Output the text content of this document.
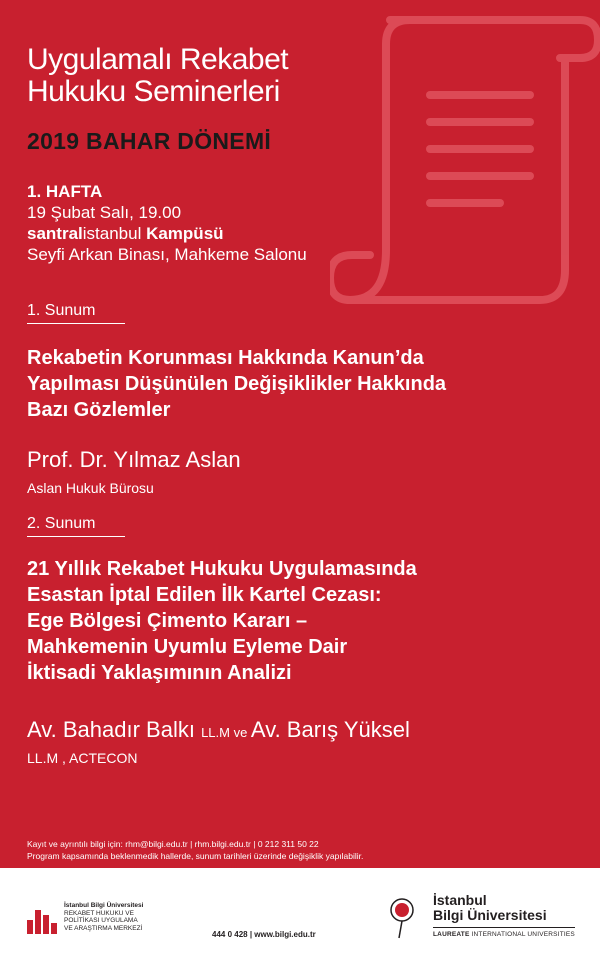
Uygulamalı Rekabet
Hukuku Seminerleri
2019 BAHAR DÖNEMİ
1. HAFTA
19 Şubat Salı, 19.00
santralistanbul Kampüsü
Seyfi Arkan Binası, Mahkeme Salonu
1. Sunum
Rekabetin Korunması Hakkında Kanun’da
Yapılması Düşünülen Değişiklikler Hakkında
Bazı Gözlemler
Prof. Dr. Yılmaz Aslan
Aslan Hukuk Bürosu
2. Sunum
21 Yıllık Rekabet Hukuku Uygulamasında
Esastan İptal Edilen İlk Kartel Cezası:
Ege Bölgesi Çimento Kararı –
Mahkemenin Uyumlu Eyleme Dair
İktisadi Yaklaşımının Analizi
Av. Bahadır Balkı LL.M ve Av. Barış Yüksel
LL.M , ACTECON
Kayıt ve ayrıntılı bilgi için: rhm@bilgi.edu.tr | rhm.bilgi.edu.tr | 0 212 311 50 22
Program kapsamında beklenmedik hallerde, sunum tarihleri üzerinde değişiklik yapılabilir.
İstanbul Bilgi Üniversitesi
REKABET HUKUKU VE
POLİTİKASI UYGULAMA
VE ARAŞTIRMA MERKEZİ
444 0 428 | www.bilgi.edu.tr
İstanbul
Bilgi Üniversitesi
LAUREATE INTERNATIONAL UNIVERSITIES
